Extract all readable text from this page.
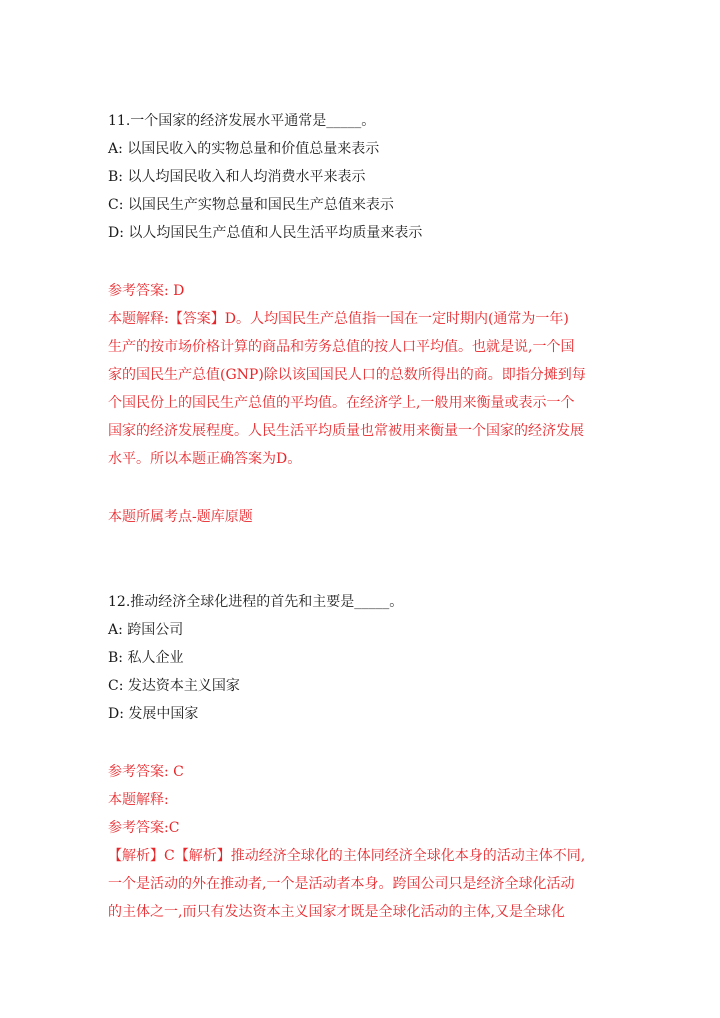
11.一个国家的经济发展水平通常是_____。
A: 以国民收入的实物总量和价值总量来表示
B: 以人均国民收入和人均消费水平来表示
C: 以国民生产实物总量和国民生产总值来表示
D: 以人均国民生产总值和人民生活平均质量来表示
参考答案: D
本题解释:【答案】D。人均国民生产总值指一国在一定时期内(通常为一年)
生产的按市场价格计算的商品和劳务总值的按人口平均值。也就是说,一个国
家的国民生产总值(GNP)除以该国国民人口的总数所得出的商。即指分摊到每
个国民份上的国民生产总值的平均值。在经济学上,一般用来衡量或表示一个
国家的经济发展程度。人民生活平均质量也常被用来衡量一个国家的经济发展
水平。所以本题正确答案为D。
本题所属考点-题库原题
12.推动经济全球化进程的首先和主要是_____。
A: 跨国公司
B: 私人企业
C: 发达资本主义国家
D: 发展中国家
参考答案: C
本题解释:
参考答案:C
【解析】C【解析】推动经济全球化的主体同经济全球化本身的活动主体不同,
一个是活动的外在推动者,一个是活动者本身。跨国公司只是经济全球化活动
的主体之一,而只有发达资本主义国家才既是全球化活动的主体,又是全球化
